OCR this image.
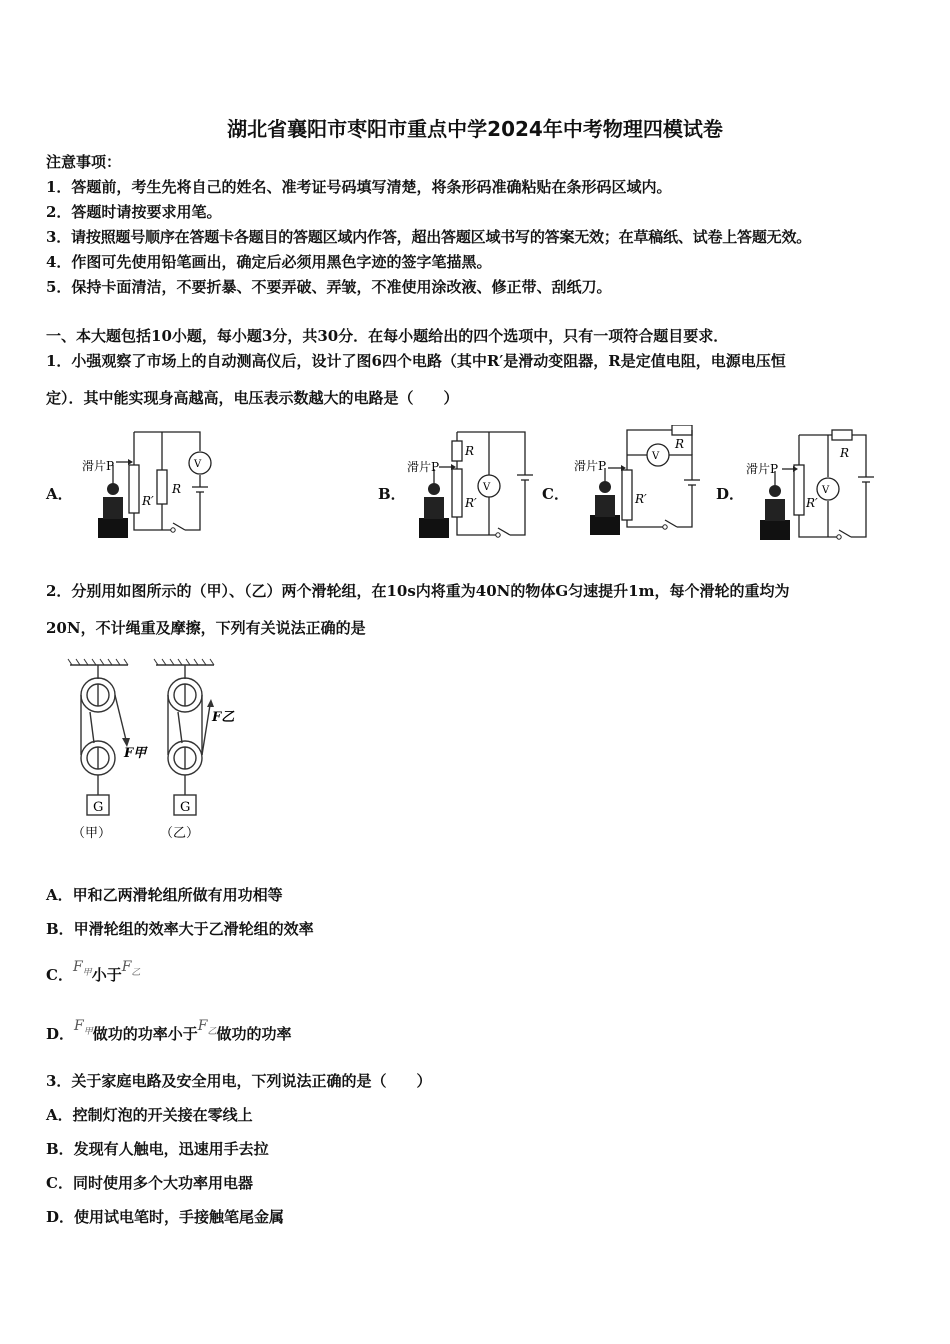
湖北省襄阳市枣阳市重点中学2024年中考物理四模试卷
注意事项：
1．答题前，考生先将自己的姓名、准考证号码填写清楚，将条形码准确粘贴在条形码区域内。
2．答题时请按要求用笔。
3．请按照题号顺序在答题卡各题目的答题区域内作答，超出答题区域书写的答案无效；在草稿纸、试卷上答题无效。
4．作图可先使用铅笔画出，确定后必须用黑色字迹的签字笔描黑。
5．保持卡面清洁，不要折暴、不要弄破、弄皱，不准使用涂改液、修正带、刮纸刀。
一、本大题包括10小题，每小题3分，共30分．在每小题给出的四个选项中，只有一项符合题目要求．
1．小强观察了市场上的自动测高仪后，设计了图6四个电路（其中R′是滑动变阻器，R是定值电阻，电源电压恒
定）．其中能实现身高越高，电压表示数越大的电路是（　　）
A．	B．	C．	D．
滑片P	V
R
R′
滑片P
R
V
R′
滑片P
V
R
R′
滑片P
R
V
R′
2．分别用如图所示的（甲）、（乙）两个滑轮组，在10s内将重为40N的物体G匀速提升1m，每个滑轮的重均为
20N，不计绳重及摩擦，下列有关说法正确的是
G	G
F甲
F乙
（甲）	（乙）
A．甲和乙两滑轮组所做有用功相等
B．甲滑轮组的效率大于乙滑轮组的效率
C．$F_甲$小于$F_乙$
D．$F_甲$做功的功率小于$F_乙$做功的功率
3．关于家庭电路及安全用电，下列说法正确的是（　　）
A．控制灯泡的开关接在零线上
B．发现有人触电，迅速用手去拉
C．同时使用多个大功率用电器
D．使用试电笔时，手接触笔尾金属
